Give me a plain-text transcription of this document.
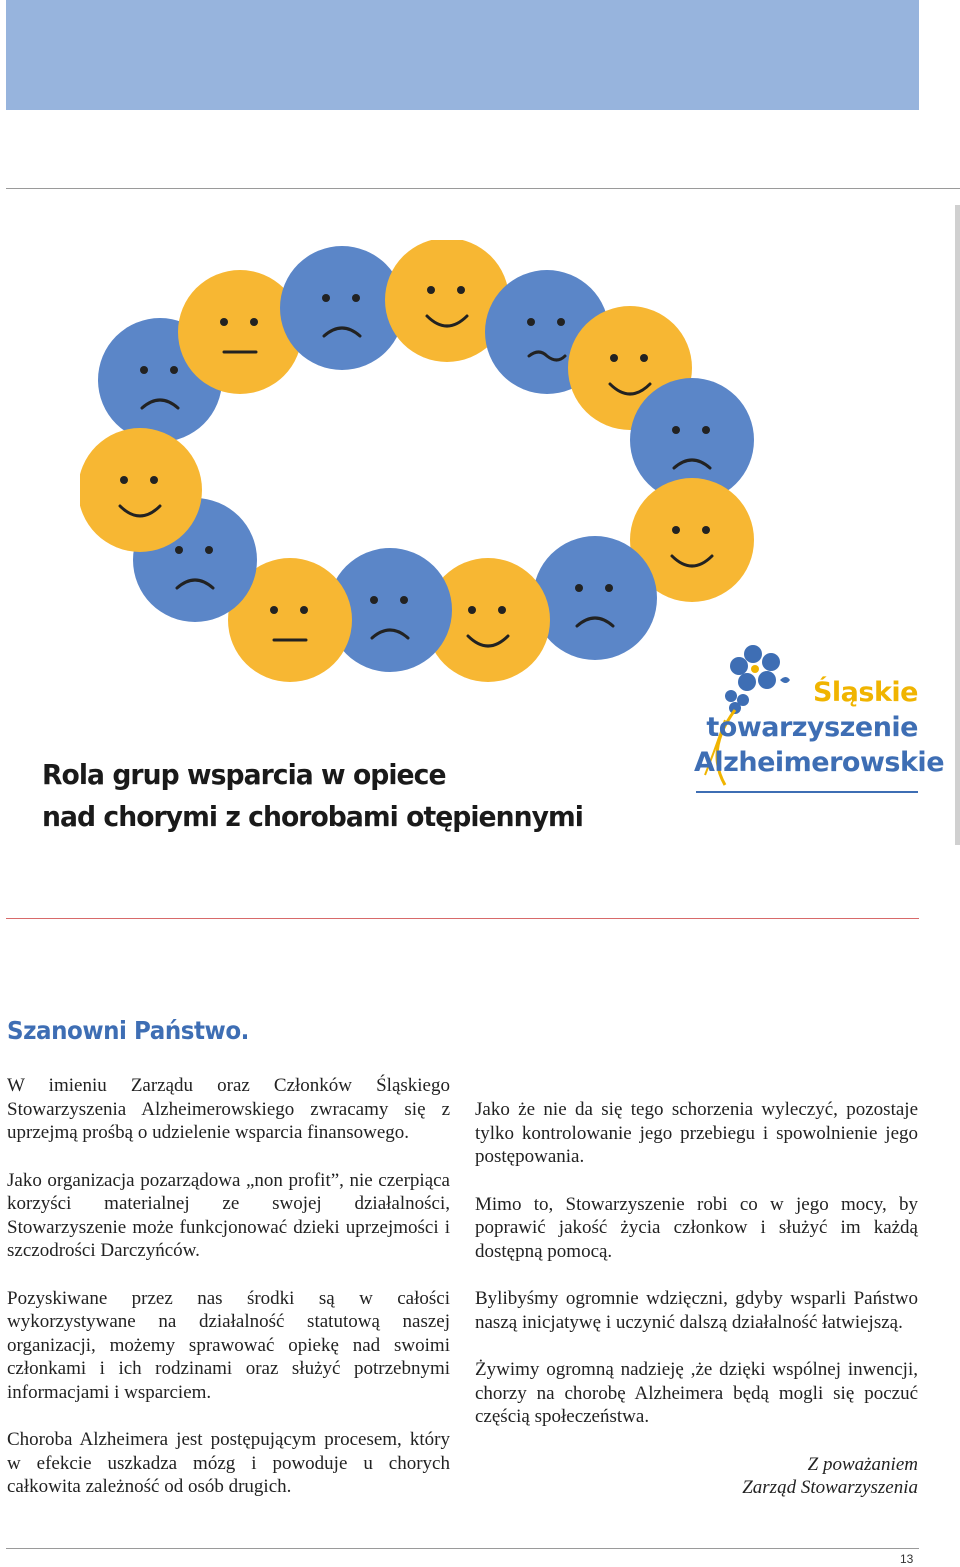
Śląskie
towarzyszenie
Alzheimerowskie
Rola grup wsparcia w opiece
nad chorymi z chorobami otępiennymi
Szanowni Państwo.

W imieniu Zarządu oraz Członków Śląskiego Stowarzyszenia Alzheimerowskiego zwracamy się z uprzejmą prośbą o udzielenie wsparcia finansowego.

Jako organizacja pozarządowa „non profit”, nie czerpiąca korzyści materialnej ze swojej działalności, Stowarzyszenie może funkcjonować dzieki uprzejmości i szczodrości Darczyńców.

Pozyskiwane przez nas środki są w całości wykorzystywane na działalność statutową naszej organizacji, możemy sprawować opiekę nad swoimi członkami i ich rodzinami oraz służyć potrzebnymi informacjami i wsparciem.

Choroba Alzheimera jest postępującym procesem, który w efekcie uszkadza mózg i powoduje u chorych całkowita zależność od osób drugich.

Jako że nie da się tego schorzenia wyleczyć, pozostaje tylko kontrolowanie jego przebiegu i spowolnienie jego postępowania.

Mimo to, Stowarzyszenie robi co w jego mocy, by poprawić jakość życia członkow i służyć im każdą dostępną pomocą.

Bylibyśmy ogromnie wdzięczni, gdyby wsparli Państwo naszą inicjatywę i uczynić dalszą działalność łatwiejszą.

Żywimy ogromną nadzieję ,że dzięki wspólnej inwencji, chorzy na chorobę Alzheimera będą mogli się poczuć częścią społeczeństwa.

Z poważaniem
Zarząd Stowarzyszenia

13
